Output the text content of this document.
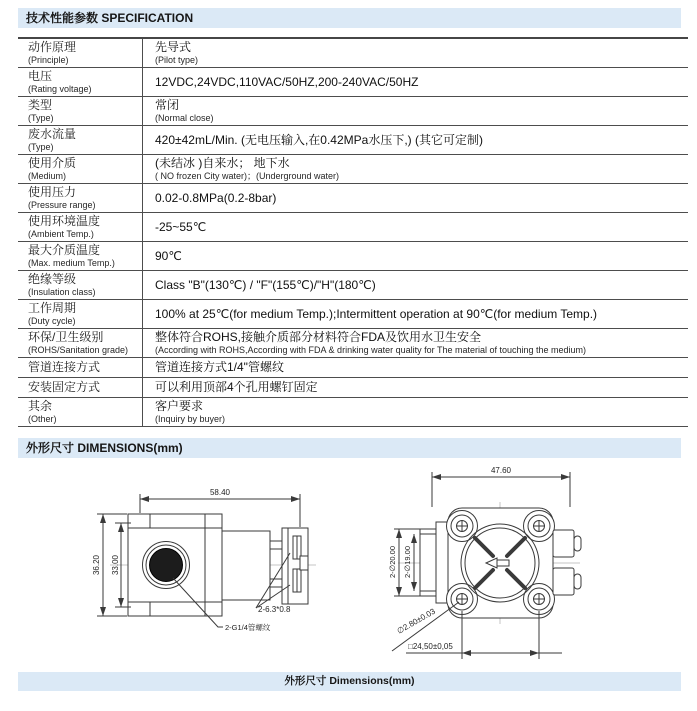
技术性能参数 SPECIFICATION
动作原理
(Principle)
先导式
(Pilot type)
电压
(Rating voltage)
12VDC,24VDC,110VAC/50HZ,200-240VAC/50HZ
类型
(Type)
常闭
(Normal close)
废水流量
(Type)
420±42mL/Min. (无电压输入,在0.42MPa水压下,) (其它可定制)
使用介质
(Medium)
(未结冰 )自来水； 地下水
( NO frozen City water)；(Underground water)
使用压力
(Pressure range)
0.02-0.8MPa(0.2-8bar)
使用环境温度
(Ambient Temp.)
-25~55℃
最大介质温度
(Max. medium Temp.)
90℃
绝缘等级
(Insulation class)
Class "B"(130℃) / "F"(155℃)/"H"(180℃)
工作周期
(Duty cycle)
100% at 25℃(for medium Temp.);Intermittent operation at 90℃(for medium Temp.)
环保/卫生级别
(ROHS/Sanitation grade)
整体符合ROHS,接触介质部分材料符合FDA及饮用水卫生安全
(According with ROHS,According with FDA & drinking water quality for The material of touching the medium)
管道连接方式	管道连接方式1/4"管螺纹
安装固定方式	可以利用顶部4个孔用螺钉固定
其余
(Other)
客户要求
(Inquiry by buyer)
外形尺寸 DIMENSIONS(mm)
58.40
36.20 33.00
2-6.3*0.8
2-G1/4管螺纹
47.60
2-∅20.00 2-∅19.00
∅2.80±0.03
□24,50±0,05
外形尺寸 Dimensions(mm)
